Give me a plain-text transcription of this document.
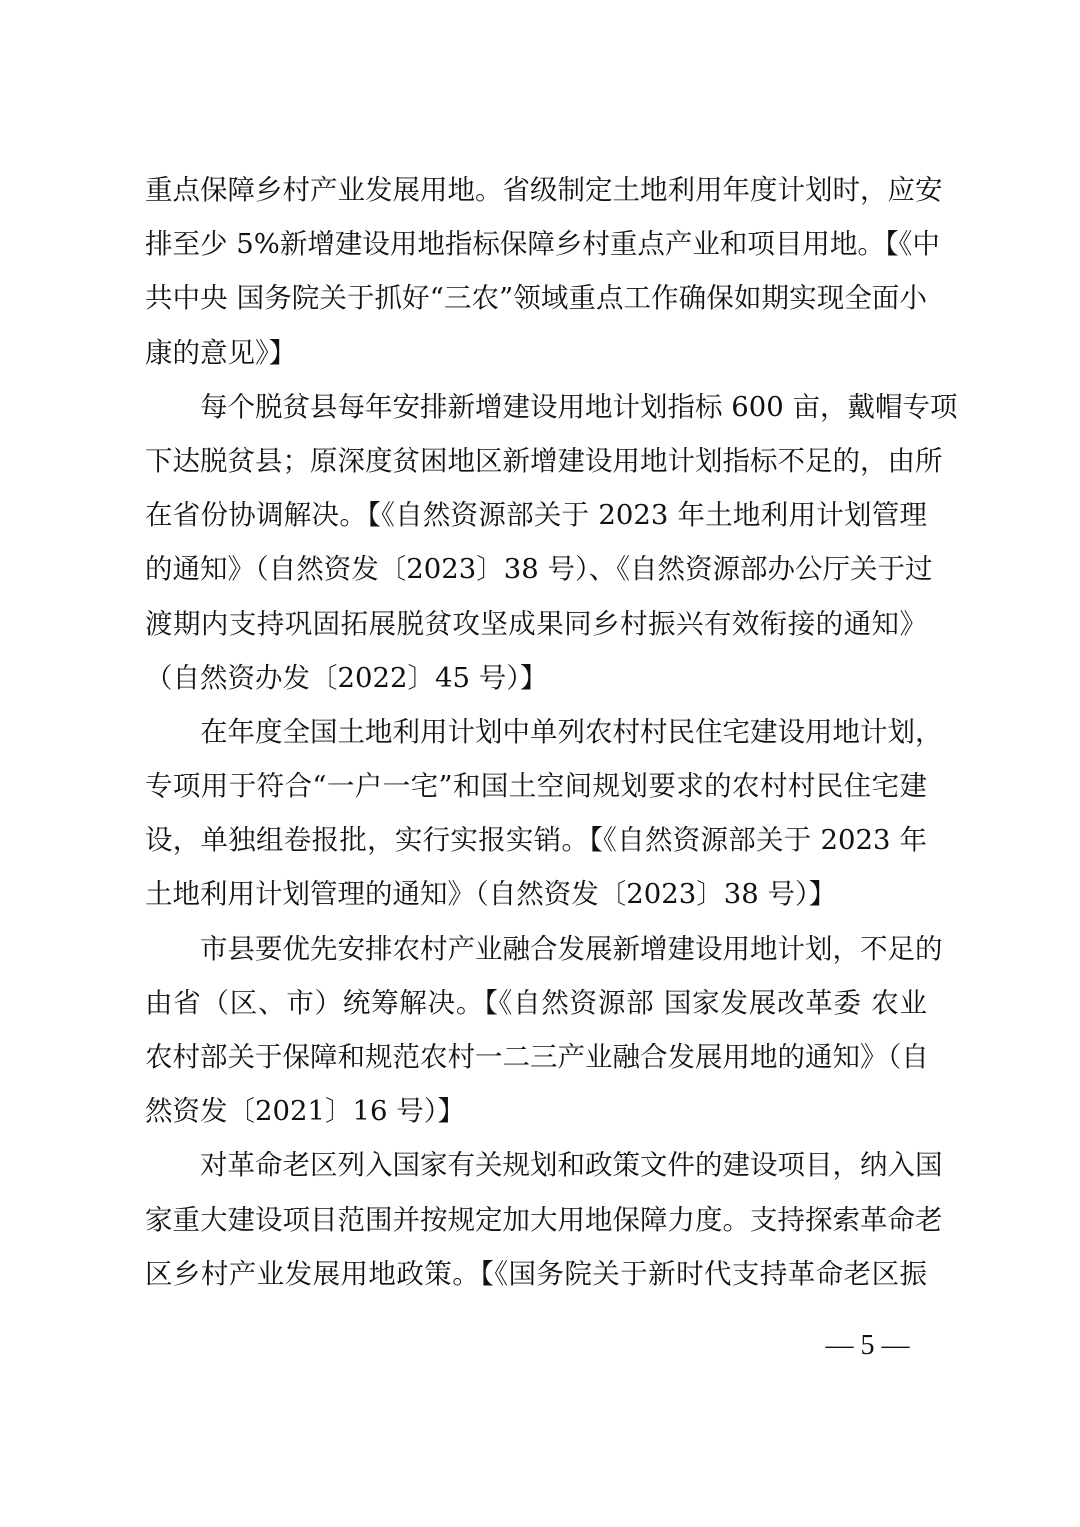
重点保障乡村产业发展用地。省级制定土地利用年度计划时，应安
排至少 5%新增建设用地指标保障乡村重点产业和项目用地。【《中
共中央 国务院关于抓好“三农”领域重点工作确保如期实现全面小
康的意见》】
每个脱贫县每年安排新增建设用地计划指标 600 亩，戴帽专项
下达脱贫县；原深度贫困地区新增建设用地计划指标不足的，由所
在省份协调解决。【《自然资源部关于 2023 年土地利用计划管理
的通知》（自然资发〔2023〕38 号）、《自然资源部办公厅关于过
渡期内支持巩固拓展脱贫攻坚成果同乡村振兴有效衔接的通知》
（自然资办发〔2022〕45 号）】
在年度全国土地利用计划中单列农村村民住宅建设用地计划，
专项用于符合“一户一宅”和国土空间规划要求的农村村民住宅建
设，单独组卷报批，实行实报实销。【《自然资源部关于 2023 年
土地利用计划管理的通知》（自然资发〔2023〕38 号）】
市县要优先安排农村产业融合发展新增建设用地计划，不足的
由省（区、市）统筹解决。【《自然资源部 国家发展改革委 农业
农村部关于保障和规范农村一二三产业融合发展用地的通知》（自
然资发〔2021〕16 号）】
对革命老区列入国家有关规划和政策文件的建设项目，纳入国
家重大建设项目范围并按规定加大用地保障力度。支持探索革命老
区乡村产业发展用地政策。【《国务院关于新时代支持革命老区振
— 5 —
